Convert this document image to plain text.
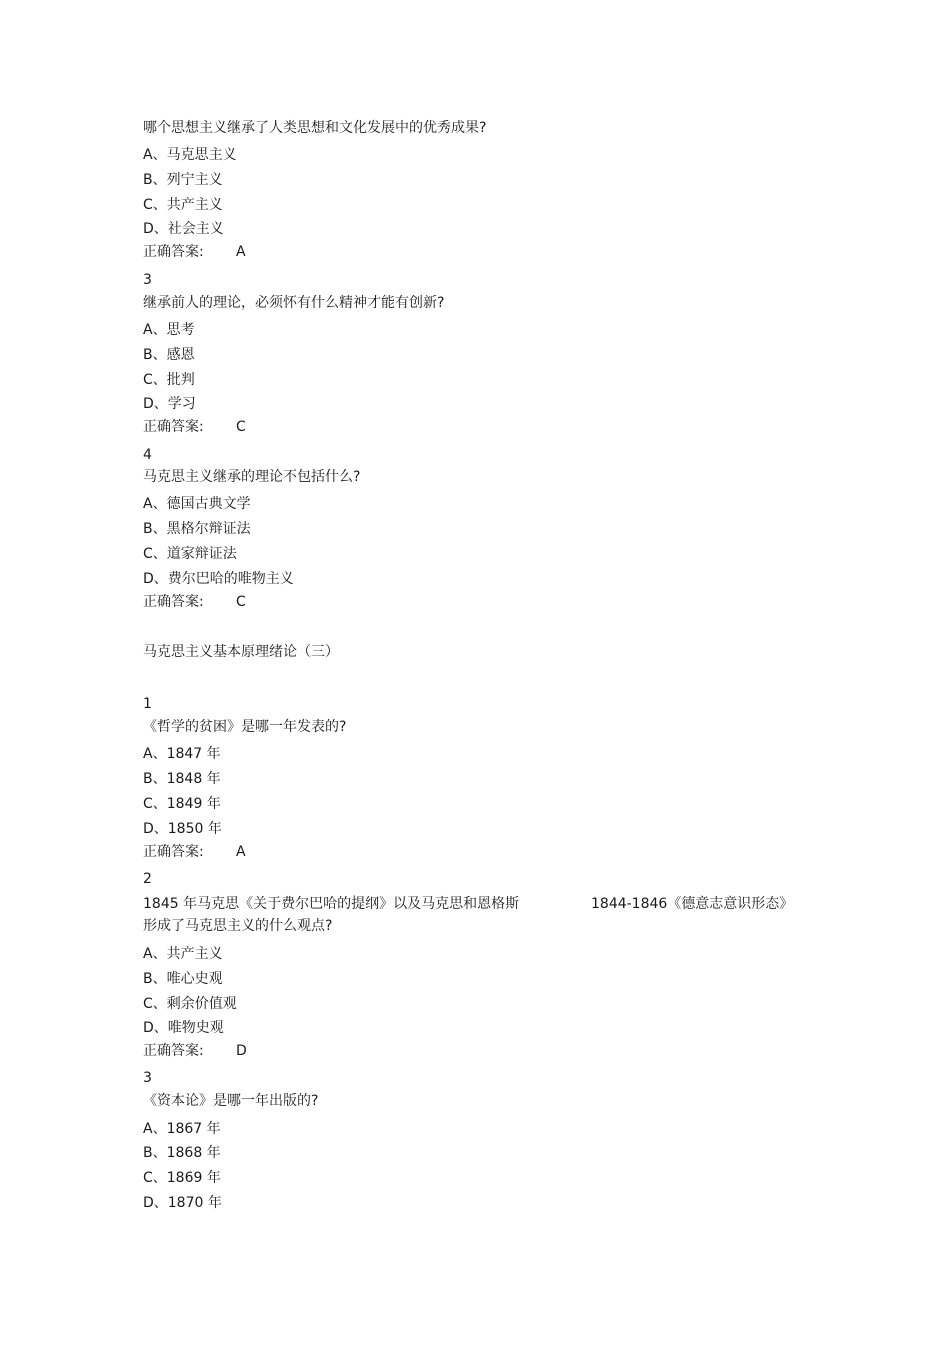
哪个思想主义继承了人类思想和文化发展中的优秀成果?
A、马克思主义
B、列宁主义
C、共产主义
D、社会主义
正确答案: A
3
继承前人的理论，必须怀有什么精神才能有创新?
A、思考
B、感恩
C、批判
D、学习
正确答案: C
4
马克思主义继承的理论不包括什么?
A、德国古典文学
B、黑格尔辩证法
C、道家辩证法
D、费尔巴哈的唯物主义
正确答案: C
马克思主义基本原理绪论（三）
1
《哲学的贫困》是哪一年发表的?
A、1847 年
B、1848 年
C、1849 年
D、1850 年
正确答案: A
2
1845 年马克思《关于费尔巴哈的提纲》以及马克思和恩格斯	1844-1846《德意志意识形态》
形成了马克思主义的什么观点?
A、共产主义
B、唯心史观
C、剩余价值观
D、唯物史观
正确答案: D
3
《资本论》是哪一年出版的?
A、1867 年
B、1868 年
C、1869 年
D、1870 年
